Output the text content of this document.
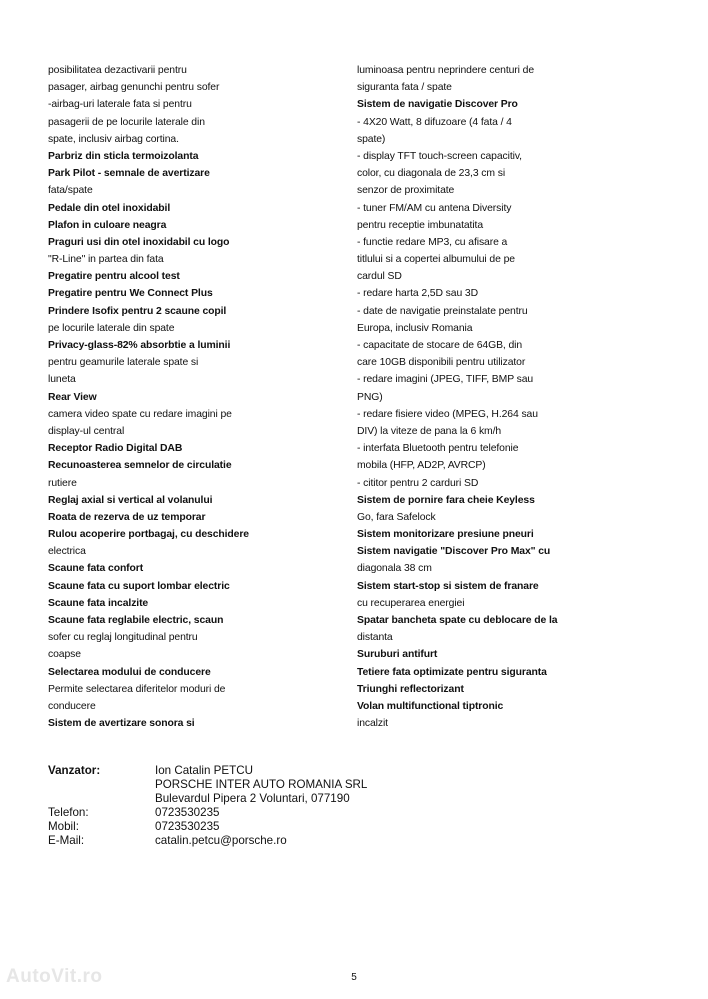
posibilitatea dezactivarii pentru
pasager, airbag genunchi pentru sofer
-airbag-uri laterale fata si pentru
pasagerii de pe locurile laterale din
spate, inclusiv airbag cortina.
Parbriz din sticla termoizolanta
Park Pilot - semnale de avertizare
fata/spate
Pedale din otel inoxidabil
Plafon in culoare neagra
Praguri usi din otel inoxidabil cu logo
"R-Line" in partea din fata
Pregatire pentru alcool test
Pregatire pentru We Connect Plus
Prindere Isofix pentru 2 scaune copil
pe locurile laterale din spate
Privacy-glass-82% absorbtie a luminii
pentru geamurile laterale spate si
luneta
Rear View
camera video spate cu redare imagini pe
display-ul central
Receptor Radio Digital DAB
Recunoasterea semnelor de circulatie
rutiere
Reglaj axial si vertical al volanului
Roata de rezerva de uz temporar
Rulou acoperire portbagaj, cu deschidere
electrica
Scaune fata confort
Scaune fata cu suport lombar electric
Scaune fata incalzite
Scaune fata reglabile electric, scaun
sofer cu reglaj longitudinal pentru
coapse
Selectarea modului de conducere
Permite selectarea diferitelor moduri de
conducere
Sistem de avertizare sonora si
luminoasa pentru neprindere centuri de
siguranta fata / spate
Sistem de navigatie Discover Pro
- 4X20 Watt, 8 difuzoare (4 fata / 4
spate)
- display TFT touch-screen capacitiv,
color, cu diagonala de 23,3 cm si
senzor de proximitate
- tuner FM/AM cu antena Diversity
pentru receptie imbunatatita
- functie redare MP3, cu afisare a
titlului si a copertei albumului de pe
cardul SD
- redare harta 2,5D sau 3D
- date de navigatie preinstalate pentru
Europa, inclusiv Romania
- capacitate de stocare de 64GB, din
care 10GB disponibili pentru utilizator
- redare imagini (JPEG, TIFF, BMP sau
PNG)
- redare fisiere video (MPEG, H.264 sau
DIV) la viteze de pana la 6 km/h
- interfata Bluetooth pentru telefonie
mobila (HFP, AD2P, AVRCP)
- cititor pentru 2 carduri SD
Sistem de pornire fara cheie Keyless
Go, fara Safelock
Sistem monitorizare presiune pneuri
Sistem navigatie "Discover Pro Max" cu
diagonala 38 cm
Sistem start-stop si sistem de franare
cu recuperarea energiei
Spatar bancheta spate cu deblocare de la
distanta
Suruburi antifurt
Tetiere fata optimizate pentru siguranta
Triunghi reflectorizant
Volan multifunctional tiptronic
incalzit
Vanzator:	Ion Catalin PETCU
PORSCHE INTER AUTO ROMANIA SRL
Bulevardul Pipera 2 Voluntari, 077190
Telefon:	0723530235
Mobil:	0723530235
E-Mail:	catalin.petcu@porsche.ro
5
AutoVit.ro
